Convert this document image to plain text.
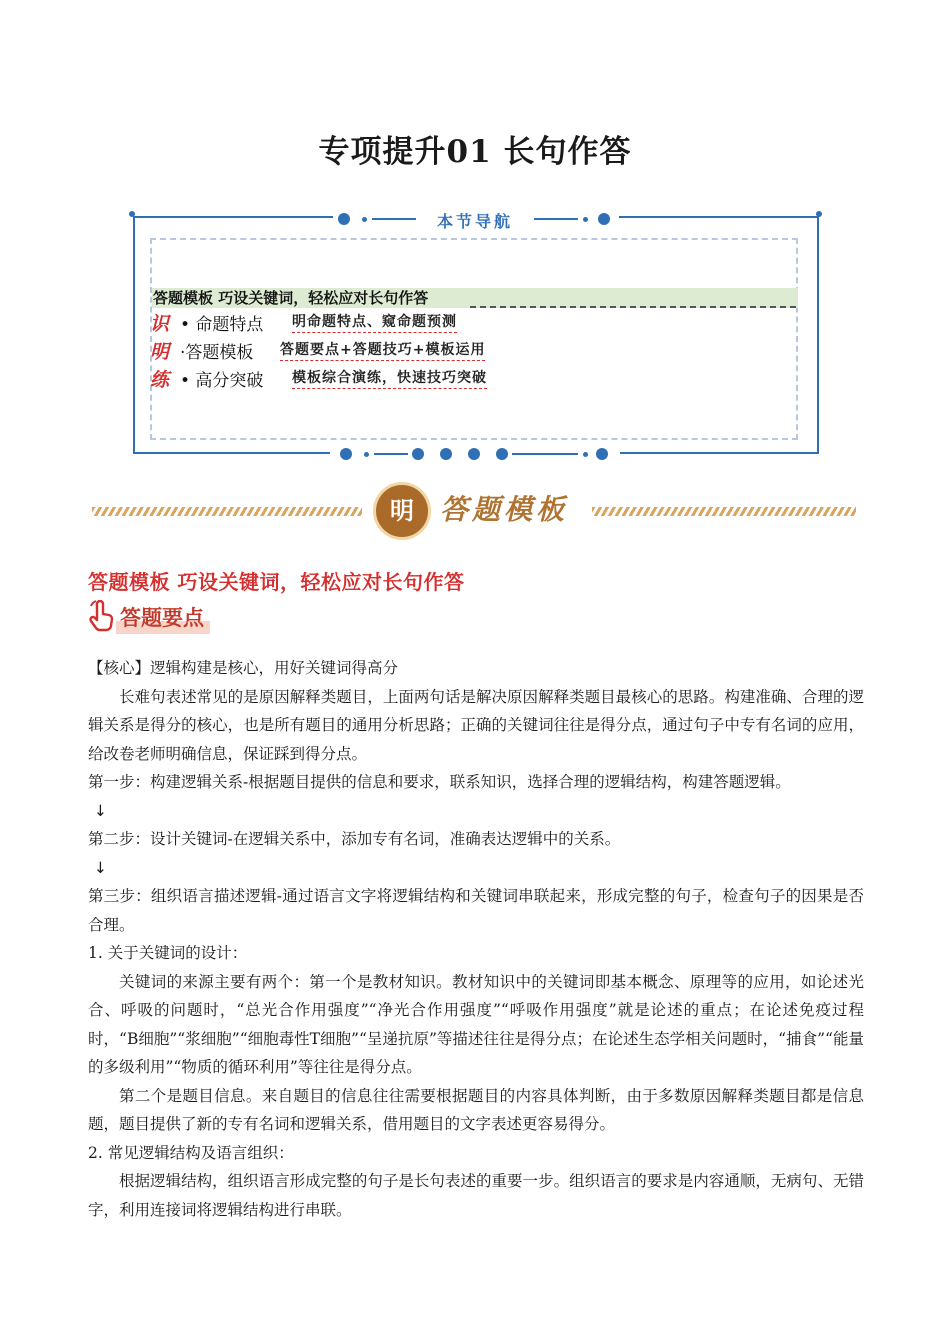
专项提升01 长句作答
本节导航
答题模板 巧设关键词，轻松应对长句作答
识 • 命题特点 明命题特点、窥命题预测
明 ·答题模板 答题要点+答题技巧+模板运用
练 • 高分突破 模板综合演练，快速技巧突破
明 答题模板
答题模板 巧设关键词，轻松应对长句作答
答题要点

【核心】逻辑构建是核心，用好关键词得高分

长难句表述常见的是原因解释类题目，上面两句话是解决原因解释类题目最核心的思路。构建准确、合理的逻辑关系是得分的核心，也是所有题目的通用分析思路；正确的关键词往往是得分点，通过句子中专有名词的应用，给改卷老师明确信息，保证踩到得分点。

第一步：构建逻辑关系-根据题目提供的信息和要求，联系知识，选择合理的逻辑结构，构建答题逻辑。

↓

第二步：设计关键词-在逻辑关系中，添加专有名词，准确表达逻辑中的关系。

↓

第三步：组织语言描述逻辑-通过语言文字将逻辑结构和关键词串联起来，形成完整的句子，检查句子的因果是否合理。

1. 关于关键词的设计：

关键词的来源主要有两个：第一个是教材知识。教材知识中的关键词即基本概念、原理等的应用，如论述光合、呼吸的问题时，“总光合作用强度”“净光合作用强度”“呼吸作用强度”就是论述的重点；在论述免疫过程时，“B细胞”“浆细胞”“细胞毒性T细胞”“呈递抗原”等描述往往是得分点；在论述生态学相关问题时，“捕食”“能量的多级利用”“物质的循环利用”等往往是得分点。

第二个是题目信息。来自题目的信息往往需要根据题目的内容具体判断，由于多数原因解释类题目都是信息题，题目提供了新的专有名词和逻辑关系，借用题目的文字表述更容易得分。

2. 常见逻辑结构及语言组织：

根据逻辑结构，组织语言形成完整的句子是长句表述的重要一步。组织语言的要求是内容通顺，无病句、无错字，利用连接词将逻辑结构进行串联。
